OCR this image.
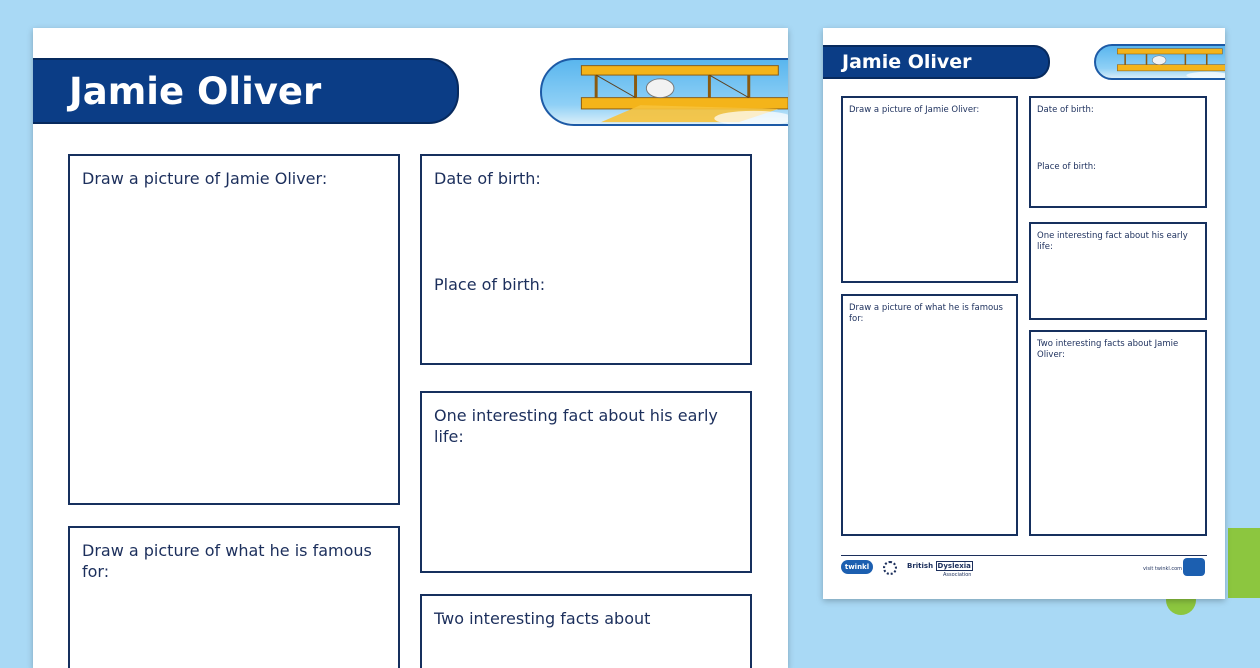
Jamie Oliver
Draw a picture of Jamie Oliver:	Date of birth:
Place of birth:
One interesting fact about his early life:
Draw a picture of what he is famous for:
Two interesting facts about
Jamie Oliver
Draw a picture of Jamie Oliver:	Date of birth:
Place of birth:
One interesting fact about his early life:
Draw a picture of what he is famous for:
Two interesting facts about Jamie Oliver:
twinkl	British Dyslexia
Association
visit twinkl.com
